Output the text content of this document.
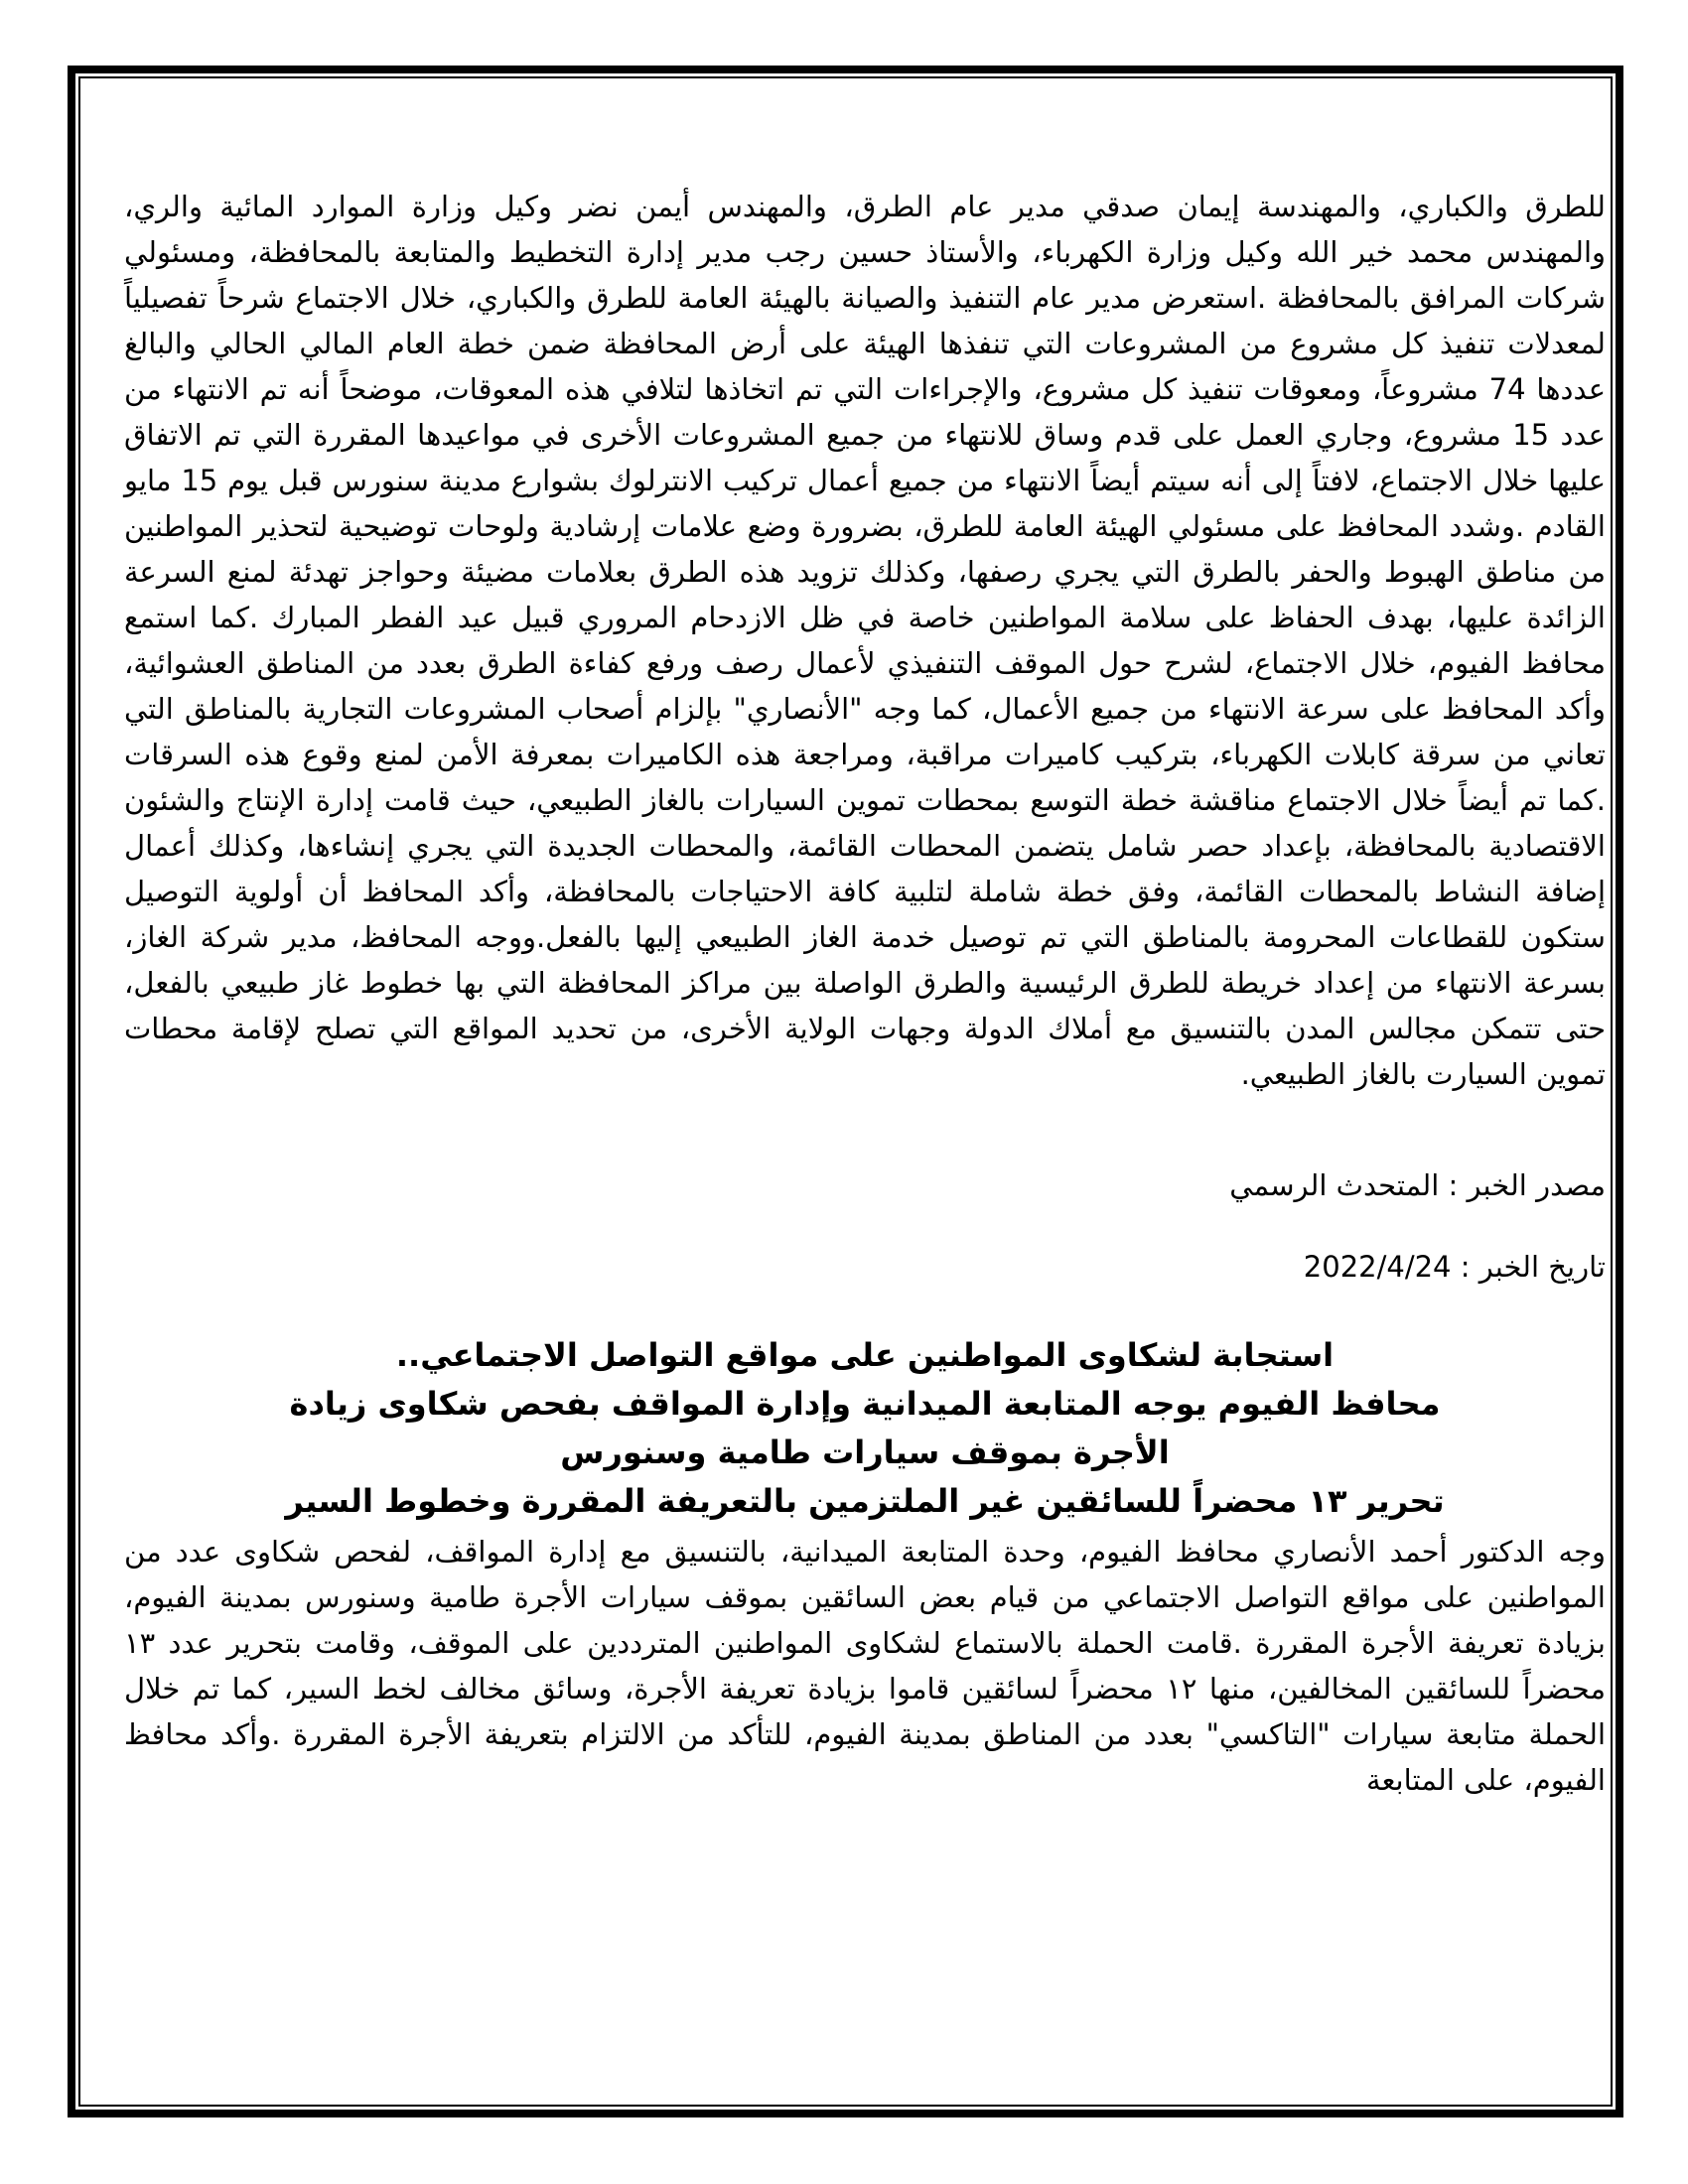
للطرق والكباري، والمهندسة إيمان صدقي مدير عام الطرق، والمهندس أيمن نضر وكيل وزارة الموارد المائية والري، والمهندس محمد خير الله وكيل وزارة الكهرباء، والأستاذ حسين رجب مدير إدارة التخطيط والمتابعة بالمحافظة، ومسئولي شركات المرافق بالمحافظة .استعرض مدير عام التنفيذ والصيانة بالهيئة العامة للطرق والكباري، خلال الاجتماع شرحاً تفصيلياً لمعدلات تنفيذ كل مشروع من المشروعات التي تنفذها الهيئة على أرض المحافظة ضمن خطة العام المالي الحالي والبالغ عددها 74 مشروعاً، ومعوقات تنفيذ كل مشروع، والإجراءات التي تم اتخاذها لتلافي هذه المعوقات، موضحاً أنه تم الانتهاء من عدد 15 مشروع، وجاري العمل على قدم وساق للانتهاء من جميع المشروعات الأخرى في مواعيدها المقررة التي تم الاتفاق عليها خلال الاجتماع، لافتاً إلى أنه سيتم أيضاً الانتهاء من جميع أعمال تركيب الانترلوك بشوارع مدينة سنورس قبل يوم 15 مايو القادم .وشدد المحافظ على مسئولي الهيئة العامة للطرق، بضرورة وضع علامات إرشادية ولوحات توضيحية لتحذير المواطنين من مناطق الهبوط والحفر بالطرق التي يجري رصفها، وكذلك تزويد هذه الطرق بعلامات مضيئة وحواجز تهدئة لمنع السرعة الزائدة عليها، بهدف الحفاظ على سلامة المواطنين خاصة في ظل الازدحام المروري قبيل عيد الفطر المبارك .كما استمع محافظ الفيوم، خلال الاجتماع، لشرح حول الموقف التنفيذي لأعمال رصف ورفع كفاءة الطرق بعدد من المناطق العشوائية، وأكد المحافظ على سرعة الانتهاء من جميع الأعمال، كما وجه "الأنصاري" بإلزام أصحاب المشروعات التجارية بالمناطق التي تعاني من سرقة كابلات الكهرباء، بتركيب كاميرات مراقبة، ومراجعة هذه الكاميرات بمعرفة الأمن لمنع وقوع هذه السرقات .كما تم أيضاً خلال الاجتماع مناقشة خطة التوسع بمحطات تموين السيارات بالغاز الطبيعي، حيث قامت إدارة الإنتاج والشئون الاقتصادية بالمحافظة، بإعداد حصر شامل يتضمن المحطات القائمة، والمحطات الجديدة التي يجري إنشاءها، وكذلك أعمال إضافة النشاط بالمحطات القائمة، وفق خطة شاملة لتلبية كافة الاحتياجات بالمحافظة، وأكد المحافظ أن أولوية التوصيل ستكون للقطاعات المحرومة بالمناطق التي تم توصيل خدمة الغاز الطبيعي إليها بالفعل.ووجه المحافظ، مدير شركة الغاز، بسرعة الانتهاء من إعداد خريطة للطرق الرئيسية والطرق الواصلة بين مراكز المحافظة التي بها خطوط غاز طبيعي بالفعل، حتى تتمكن مجالس المدن بالتنسيق مع أملاك الدولة وجهات الولاية الأخرى، من تحديد المواقع التي تصلح لإقامة محطات تموين السيارت بالغاز الطبيعي.

مصدر الخبر : المتحدث الرسمي

تاريخ الخبر : 2022/4/24

استجابة لشكاوى المواطنين على مواقع التواصل الاجتماعي..

محافظ الفيوم يوجه المتابعة الميدانية وإدارة المواقف بفحص شكاوى زيادة

الأجرة بموقف سيارات طامية وسنورس

تحرير ١٣ محضراً للسائقين غير الملتزمين بالتعريفة المقررة وخطوط السير

وجه الدكتور أحمد الأنصاري محافظ الفيوم، وحدة المتابعة الميدانية، بالتنسيق مع إدارة المواقف، لفحص شكاوى عدد من المواطنين على مواقع التواصل الاجتماعي من قيام بعض السائقين بموقف سيارات الأجرة طامية وسنورس بمدينة الفيوم، بزيادة تعريفة الأجرة المقررة .قامت الحملة بالاستماع لشكاوى المواطنين المترددين على الموقف، وقامت بتحرير عدد ١٣ محضراً للسائقين المخالفين، منها ١٢ محضراً لسائقين قاموا بزيادة تعريفة الأجرة، وسائق مخالف لخط السير، كما تم خلال الحملة متابعة سيارات "التاكسي" بعدد من المناطق بمدينة الفيوم، للتأكد من الالتزام بتعريفة الأجرة المقررة .وأكد محافظ الفيوم، على المتابعة
